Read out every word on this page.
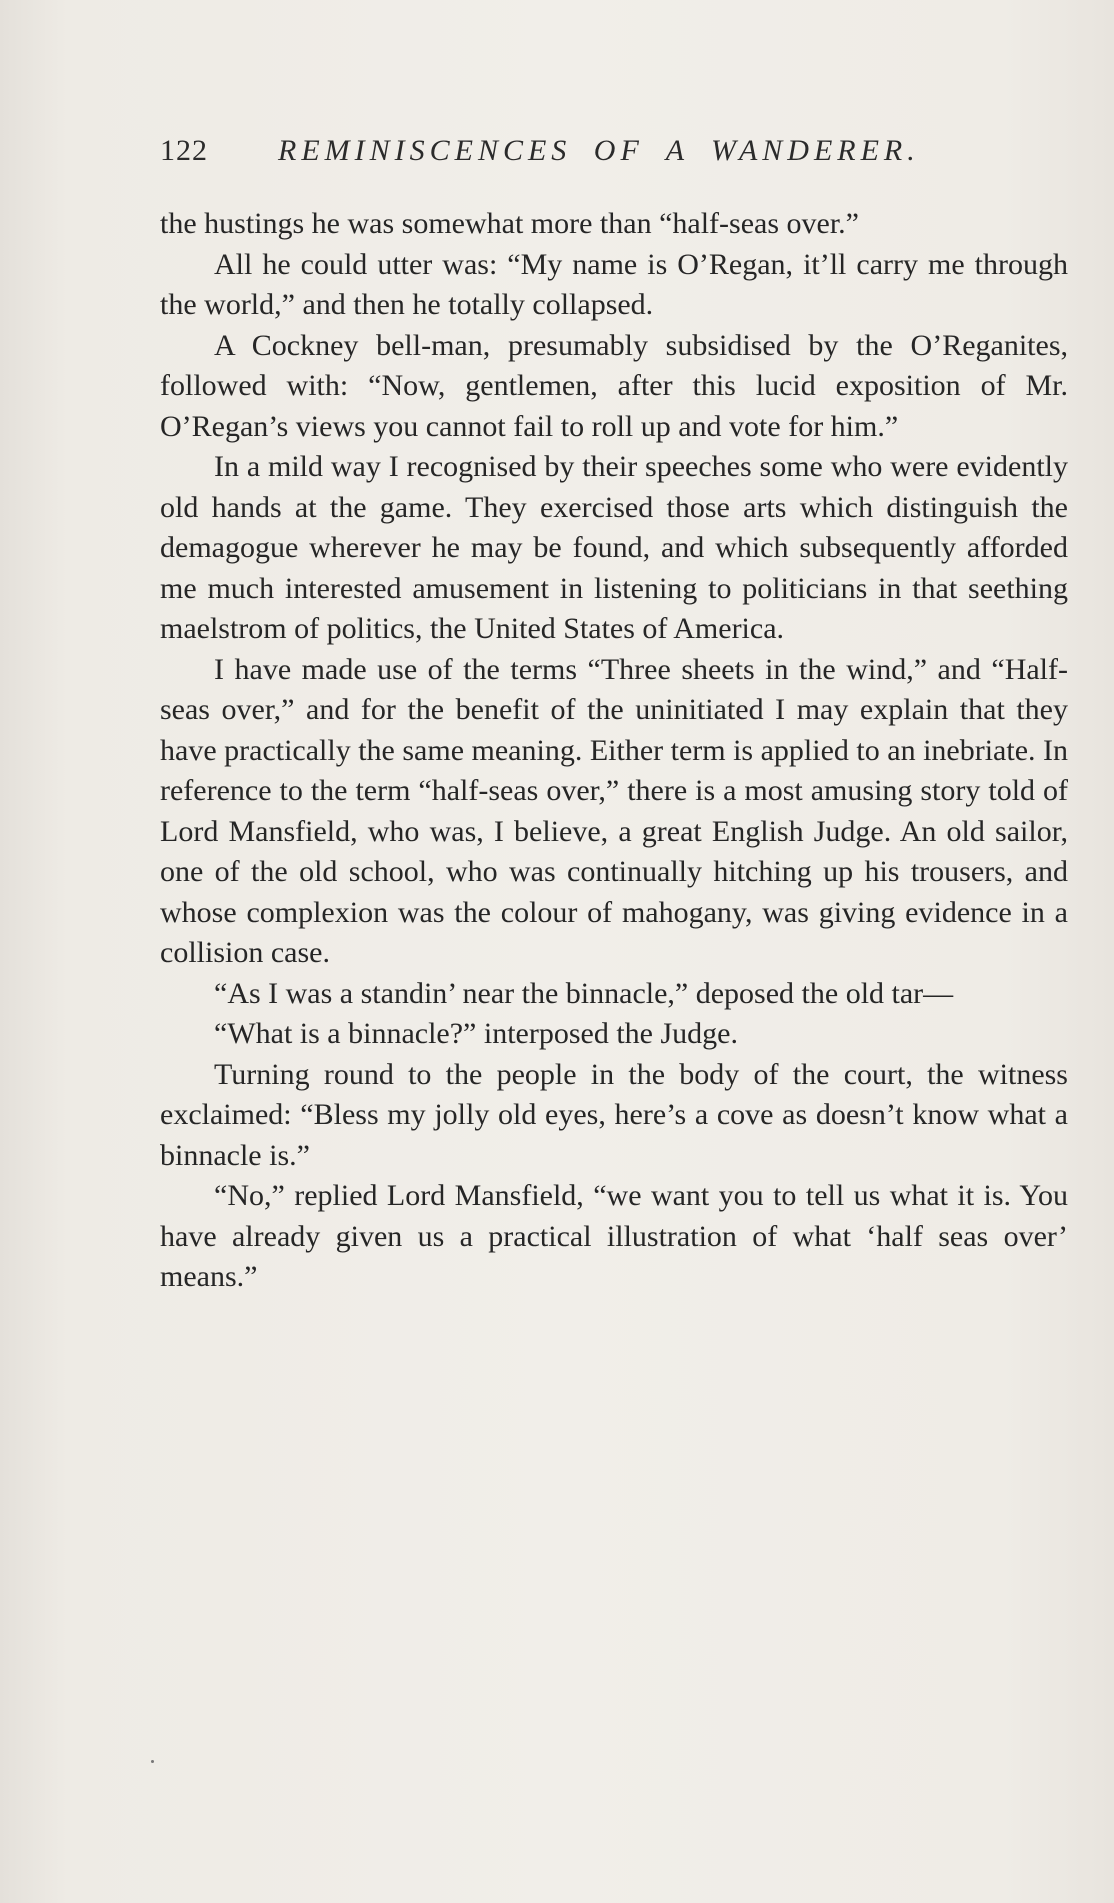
122 REMINISCENCES OF A WANDERER.

the hustings he was somewhat more than “half-seas over.”

All he could utter was: “My name is O’Regan, it’ll carry me through the world,” and then he totally collapsed.

A Cockney bell-man, presumably subsidised by the O’Reganites, followed with: “Now, gentlemen, after this lucid exposition of Mr. O’Regan’s views you cannot fail to roll up and vote for him.”

In a mild way I recognised by their speeches some who were evidently old hands at the game. They exercised those arts which distinguish the demagogue wherever he may be found, and which subsequently afforded me much interested amusement in listening to politicians in that seething maelstrom of politics, the United States of America.

I have made use of the terms “Three sheets in the wind,” and “Half-seas over,” and for the benefit of the uninitiated I may explain that they have practically the same meaning. Either term is applied to an inebriate. In reference to the term “half-seas over,” there is a most amusing story told of Lord Mansfield, who was, I believe, a great English Judge. An old sailor, one of the old school, who was continually hitching up his trousers, and whose complexion was the colour of mahogany, was giving evidence in a collision case.

“As I was a standin’ near the binnacle,” deposed the old tar—

“What is a binnacle?” interposed the Judge.

Turning round to the people in the body of the court, the witness exclaimed: “Bless my jolly old eyes, here’s a cove as doesn’t know what a binnacle is.”

“No,” replied Lord Mansfield, “we want you to tell us what it is. You have already given us a practical illustration of what ‘half seas over’ means.”
